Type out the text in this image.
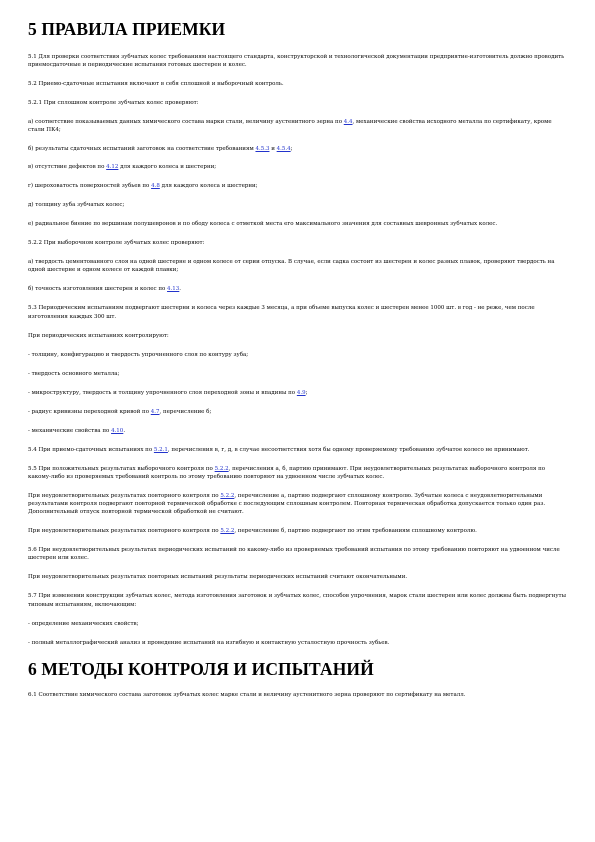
5 ПРАВИЛА ПРИЕМКИ

5.1 Для проверки соответствия зубчатых колес требованиям настоящего стандарта, конструкторской и технологической документации предприятие-изготовитель должно проводить приемосдаточные и периодические испытания готовых шестерен и колес.

5.2 Приемо-сдаточные испытания включают в себя сплошной и выборочный контроль.

5.2.1 При сплошном контроле зубчатых колес проверяют:

а) соответствие показываемых данных химического состава марки стали, величину аустенитного зерна по 4.4, механические свойства исходного металла по сертификату, кроме стали ПК4;

б) результаты сдаточных испытаний заготовок на соответствие требованиям 4.5.3 и 4.5.4;

в) отсутствие дефектов по 4.12 для каждого колеса и шестерни;

г) шероховатость поверхностей зубьев по 4.8 для каждого колеса и шестерни;

д) толщину зуба зубчатых колес;

е) радиальное биение по вершинам полушевронов и по ободу колеса с отметкой места его максимального значения для составных шевронных зубчатых колес.

5.2.2 При выборочном контроле зубчатых колес проверяют:

а) твердость цементованного слоя на одной шестерне и одном колесе от серии отпуска. В случае, если садка состоит из шестерен и колес разных плавок, проверяют твердость на одной шестерне и одном колесе от каждой плавки;

б) точность изготовления шестерен и колес по 4.13.

5.3 Периодическим испытаниям подвергают шестерни и колеса через каждые 3 месяца, а при объеме выпуска колес и шестерен менее 1000 шт. в год - не реже, чем после изготовления каждых 300 шт.

При периодических испытаниях контролируют:

- толщину, конфигурацию и твердость упрочненного слоя по контуру зуба;

- твердость основного металла;

- микроструктуру, твердость и толщину упрочненного слоя переходной зоны и впадины по 4.9;

- радиус кривизны переходной кривой по 4.7, перечисление б;

- механические свойства по 4.10.

5.4 При приемо-сдаточных испытаниях по 5.2.1, перечисления в, г, д, в случае несоответствия хотя бы одному проверяемому требованию зубчатое колесо не принимают.

5.5 При положительных результатах выборочного контроля по 5.2.2, перечисления а, б, партию принимают. При неудовлетворительных результатах выборочного контроля по какому-либо из проверяемых требований контроль по этому требованию повторяют на удвоенном числе зубчатых колес.

При неудовлетворительных результатах повторного контроля по 5.2.2, перечисление а, партию подвергают сплошному контролю. Зубчатые колеса с неудовлетворительными результатами контроля подвергают повторной термической обработке с последующим сплошным контролем. Повторная термическая обработка допускается только один раз. Дополнительный отпуск повторной термической обработкой не считают.

При неудовлетворительных результатах повторного контроля по 5.2.2, перечисление б, партию подвергают по этим требованиям сплошному контролю.

5.6 При неудовлетворительных результатах периодических испытаний по какому-либо из проверяемых требований испытания по этому требованию повторяют на удвоенном числе шестерен или колес.

При неудовлетворительных результатах повторных испытаний результаты периодических испытаний считают окончательными.

5.7 При изменении конструкции зубчатых колес, метода изготовления заготовок и зубчатых колес, способов упрочнения, марок стали шестерен или колес должны быть подвергнуты типовым испытаниям, включающим:

- определение механических свойств;

- полный металлографический анализ и проведение испытаний на изгибную и контактную усталостную прочность зубьев.

6 МЕТОДЫ КОНТРОЛЯ И ИСПЫТАНИЙ

6.1 Соответствие химического состава заготовок зубчатых колес марке стали и величину аустенитного зерна проверяют по сертификату на металл.
